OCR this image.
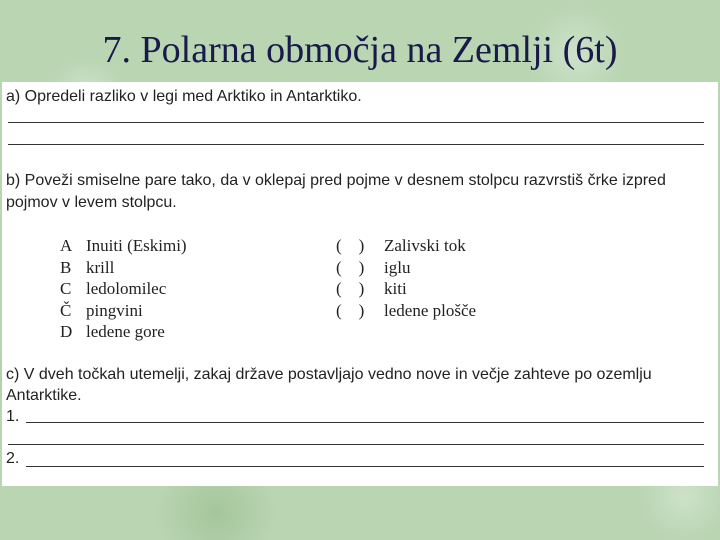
7. Polarna območja na Zemlji (6t)
a) Opredeli razliko v legi med Arktiko in Antarktiko.
b) Poveži smiselne pare tako, da v oklepaj pred pojme v desnem stolpcu razvrstiš črke izpred
pojmov v levem stolpcu.
A Inuiti (Eskimi)
B krill
C ledolomilec
Č pingvini
D ledene gore
(    ) Zalivski tok
(    ) iglu
(    ) kiti
(    ) ledene plošče
c) V dveh točkah utemelji, zakaj države postavljajo vedno nove in večje zahteve po ozemlju
Antarktike.
1.
2.
